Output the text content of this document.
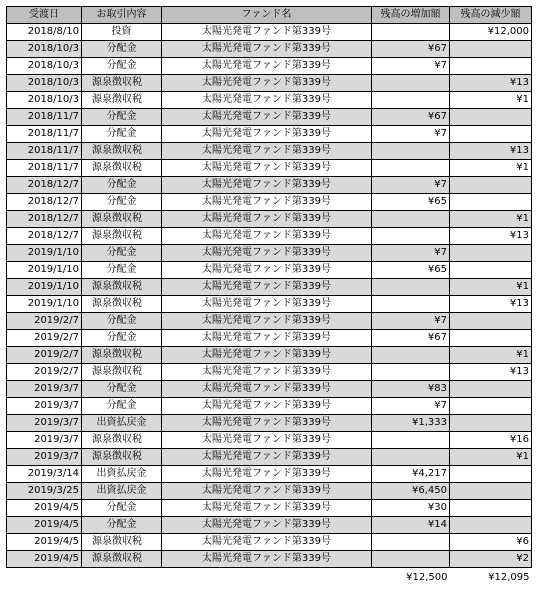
受渡日	お取引内容	ファンド名	残高の増加額	残高の減少額
2018/8/10	投資	太陽光発電ファンド第339号		¥12,000
2018/10/3	分配金	太陽光発電ファンド第339号	¥67	
2018/10/3	分配金	太陽光発電ファンド第339号	¥7	
2018/10/3	源泉徴収税	太陽光発電ファンド第339号		¥13
2018/10/3	源泉徴収税	太陽光発電ファンド第339号		¥1
2018/11/7	分配金	太陽光発電ファンド第339号	¥67	
2018/11/7	分配金	太陽光発電ファンド第339号	¥7	
2018/11/7	源泉徴収税	太陽光発電ファンド第339号		¥13
2018/11/7	源泉徴収税	太陽光発電ファンド第339号		¥1
2018/12/7	分配金	太陽光発電ファンド第339号	¥7	
2018/12/7	分配金	太陽光発電ファンド第339号	¥65	
2018/12/7	源泉徴収税	太陽光発電ファンド第339号		¥1
2018/12/7	源泉徴収税	太陽光発電ファンド第339号		¥13
2019/1/10	分配金	太陽光発電ファンド第339号	¥7	
2019/1/10	分配金	太陽光発電ファンド第339号	¥65	
2019/1/10	源泉徴収税	太陽光発電ファンド第339号		¥1
2019/1/10	源泉徴収税	太陽光発電ファンド第339号		¥13
2019/2/7	分配金	太陽光発電ファンド第339号	¥7	
2019/2/7	分配金	太陽光発電ファンド第339号	¥67	
2019/2/7	源泉徴収税	太陽光発電ファンド第339号		¥1
2019/2/7	源泉徴収税	太陽光発電ファンド第339号		¥13
2019/3/7	分配金	太陽光発電ファンド第339号	¥83	
2019/3/7	分配金	太陽光発電ファンド第339号	¥7	
2019/3/7	出資払戻金	太陽光発電ファンド第339号	¥1,333	
2019/3/7	源泉徴収税	太陽光発電ファンド第339号		¥16
2019/3/7	源泉徴収税	太陽光発電ファンド第339号		¥1
2019/3/14	出資払戻金	太陽光発電ファンド第339号	¥4,217	
2019/3/25	出資払戻金	太陽光発電ファンド第339号	¥6,450	
2019/4/5	分配金	太陽光発電ファンド第339号	¥30	
2019/4/5	分配金	太陽光発電ファンド第339号	¥14	
2019/4/5	源泉徴収税	太陽光発電ファンド第339号		¥6
2019/4/5	源泉徴収税	太陽光発電ファンド第339号		¥2
			¥12,500	¥12,095
